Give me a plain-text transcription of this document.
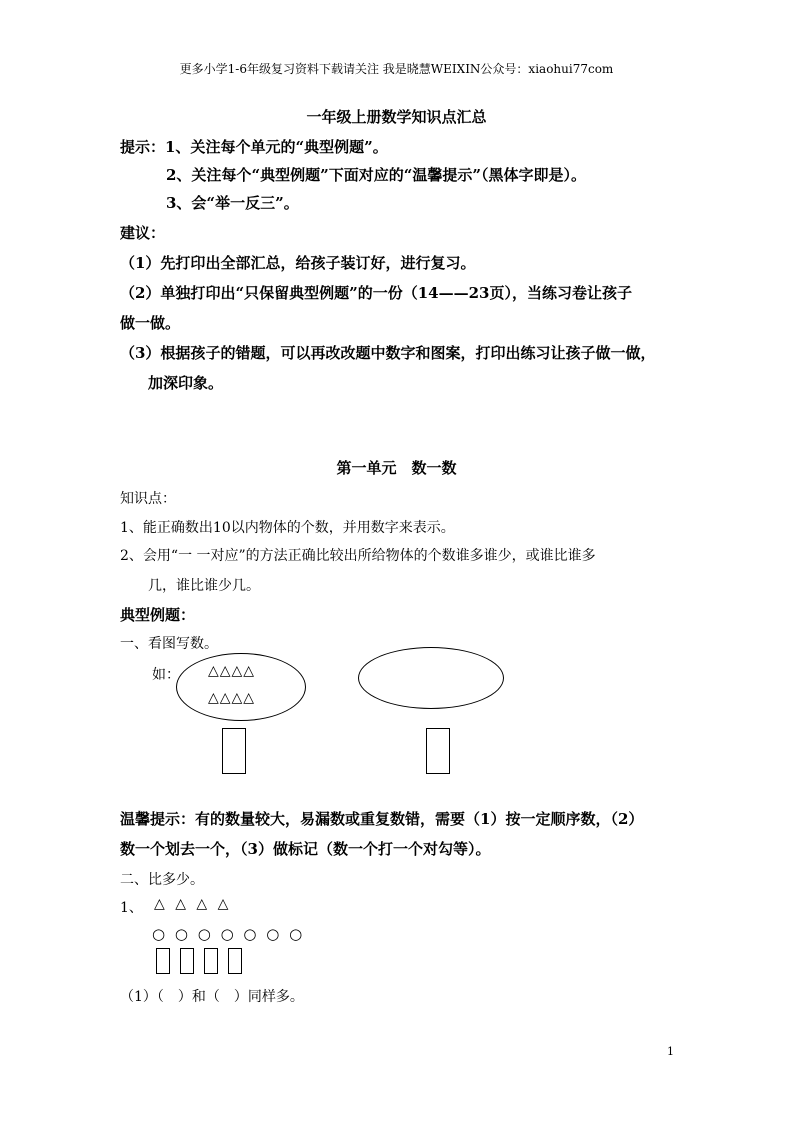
更多小学1-6年级复习资料下载请关注 我是晓慧WEIXIN公众号：xiaohui77com
一年级上册数学知识点汇总
提示：1、关注每个单元的“典型例题”。
2、关注每个“典型例题”下面对应的“温馨提示”（黑体字即是）。
3、会“举一反三”。
建议：
（1）先打印出全部汇总，给孩子装订好，进行复习。
（2）单独打印出“只保留典型例题”的一份（14——23页），当练习卷让孩子
做一做。
（3）根据孩子的错题，可以再改改题中数字和图案，打印出练习让孩子做一做，
加深印象。
第一单元　数一数
知识点：
1、能正确数出10以内物体的个数，并用数字来表示。
2、会用“一 一对应”的方法正确比较出所给物体的个数谁多谁少，或谁比谁多
几，谁比谁少几。
典型例题：
一、看图写数。
如： △△△△
△△△△
温馨提示：有的数量较大，易漏数或重复数错，需要（1）按一定顺序数，（2）
数一个划去一个，（3）做标记（数一个打一个对勾等）。
二、比多少。
1、 △ △ △ △
○ ○ ○ ○ ○ ○ ○
（1）（　）和（　）同样多。
1
